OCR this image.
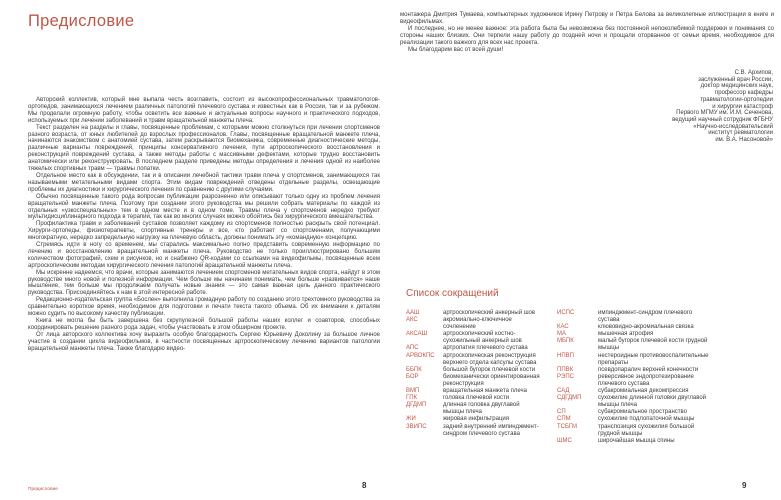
Предисловие

Авторский коллектив, который мне выпала честь возглавить, состоит из высокопрофессиональных травматологов-ортопедов, занимающихся лечением различных патологий плечевого сустава и известных как в России, так и за рубежом. Мы проделали огромную работу, чтобы осветить все важные и актуальные вопросы научного и практического подходов, используемых при лечении заболеваний и травм вращательной манжеты плеча.

Текст разделен на разделы и главы, посвященные проблемам, с которыми можно столкнуться при лечении спортсменов разного возраста, от юных любителей до взрослых профессионалов. Главы, посвященные вращательной манжете плеча, начинаются знакомством с анатомией сустава, затем раскрываются биомеханика, современные диагностические методы, различные варианты повреждений, принципы консервативного лечения, пути артроскопического восстановления и реконструкций повреждений сустава, а также методы работы с массивными дефектами, которые трудно восстановить анатомически или реконструировать. В последнем разделе приведены методы определения и лечения одной из наиболее тяжелых спортивных травм — травмы лопатки.

Отдельное место как в обсуждении, так и в описании лечебной тактики травм плеча у спортсменов, занимающихся так называемыми метательными видами спорта. Этим видам повреждений отведены отдельные разделы, освещающие проблемы их диагностики и хирургического лечения по сравнению с другими случаями.

Обычно посвященные такого рода вопросам публикации разрозненно или описывают только одну из проблем лечения вращательной манжеты плеча. Поэтому при создании этого руководства мы решили собрать материалы по каждой из отдельных «узкоспециальных» тем в одном месте и в одном томе. Травмы плеча у спортсменов нередко требуют мультидисциплинарного подхода в терапии, так как во многих случаях можно обойтись без хирургического вмешательства.

Профилактика травм и заболеваний суставов позволяет каждому из спортсменов полностью раскрыть свой потенциал. Хирурги-ортопеды, физиотерапевты, спортивные тренеры и все, кто работает со спортсменами, получающими многократную, нередко запредельную нагрузку на плечевую область, должны понимать эту «командную» концепцию.

Стремясь идти в ногу со временем, мы старались максимально полно представить современную информацию по лечению и восстановлению вращательной манжеты плеча. Руководство не только проиллюстрировано большим количеством фотографий, схем и рисунков, но и снабжено QR-кодами со ссылками на видеофильмы, посвященные всем артроскопическим методам хирургического лечения патологий вращательной манжеты плеча.

Мы искренне надеемся, что врачи, которые занимаются лечением спортсменов метательных видов спорта, найдут в этом руководстве много новой и полезной информации. Чем больше мы начинаем понимать, чем больше «развивается» наше мышление, тем больше мы продолжаем получать новые знания — это самая важная цель данного практического руководства. Присоединяйтесь к нам в этой интересной работе.

Редакционно-издательская группа «Бослен» выполнила громадную работу по созданию этого трехтомного руководства за сравнительно короткое время, необходимое для подготовки и печати текста такого объема. Об их внимании к деталям можно судить по высокому качеству публикации.

Книга не могла бы быть завершена без скрупулезной большой работы наших коллег и соавторов, способных координировать решение разного рода задач, чтобы участвовать в этом обширном проекте.

От лица авторского коллектива хочу выразить особую благодарность Сергею Юрьевичу Доколину за большое личное участие в создании цикла видеофильмов, в частности посвященных артроскопическому лечению вариантов патологии вращательной манжеты плеча. Также благодарю видео-

монтажера Дмитрия Тумаева, компьютерных художников Ирину Петрову и Петра Белова за великолепные иллюстрации в книге и видеофильмах.

И последнее, но не менее важное: эта работа была бы невозможна без постоянной непоколебимой поддержки и понимания со стороны наших близких. Они терпели нашу работу до поздней ночи и прощали оторванное от семьи время, необходимое для реализации такого важного для всех нас проекта.

Мы благодарим вас от всей души!

С.В. Архипов,
заслуженный врач России,
доктор медицинских наук,
профессор кафедры
травматологии-ортопедии
и хирургии катастроф
Первого МГМУ им. И.М. Сеченова,
ведущий научный сотрудник ФГБНУ
«Научно-исследовательский
институт ревматологии
им. В.А. Насоновой»
Список сокращений
ААШ	артроскопический анкерный шов
АКС	акромиально-ключичное сочленение
АКСАШ	артроскопический костно-сухожильный анкерный шов
АПС	артропатия плечевого сустава
АРВОКПС	артроскопическая реконструкция верхнего отдела капсулы сустава
ББПК	большой бугорок плечевой кости
БОР	биомеханически ориентированная реконструкция
ВМП	вращательная манжета плеча
ГПК	головка плечевой кости
ДГДМП	длинная головка двуглавой мышцы плеча
ЖИ	жировая инфильтрация
ЗВИПС	задний внутренний импинджмент-синдром плечевого сустава
ИСПС	импинджмент-синдром плечевого сустава
КАС	клювовидно-акромиальная связка
МА	мышечная атрофия
МБПК	малый бугорок плечевой кости грудной мышцы
НПВП	нестероидные противовоспалительные препараты
ППВК	псевдопаралич верхней конечности
РЭПС	реверсивное эндопротезирование плечевого сустава
САД	субакромиальная декомпрессия
СДГДМП	сухожилие длинной головки двуглавой мышцы плеча
СП	субакромиальное пространство
СПМ	сухожилие подлопаточной мышцы
ТСБГМ	транспозиция сухожилия большой грудной мышцы
ШМС	широчайшая мышца спины
Предисловие	8	9
